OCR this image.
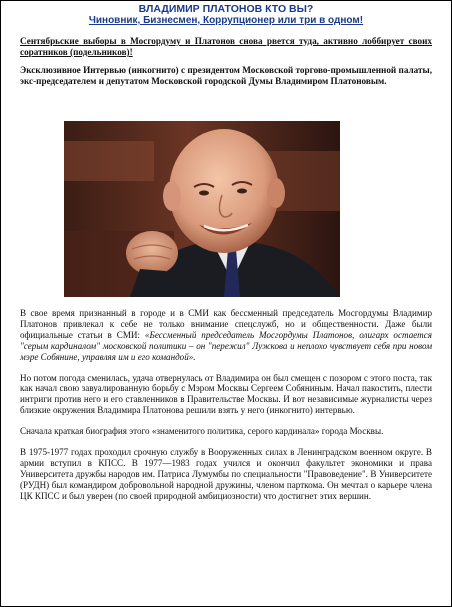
ВЛАДИМИР ПЛАТОНОВ КТО ВЫ?
Чиновник, Бизнесмен, Коррупционер или три в одном!
Сентябрьские выборы в Мосгордуму и Платонов снова рвется туда, активно лоббирует своих соратников (подельников)!
Эксклюзивное Интервью (инкогнито) с президентом Московской торгово-промышленной палаты, экс-председателем и депутатом Московской городской Думы Владимиром Платоновым.

В свое время признанный в городе и в СМИ как бессменный председатель Мосгордумы Владимир Платонов привлекал к себе не только внимание спецслужб, но и общественности. Даже были официальные статьи в СМИ: «Бессменный председатель Мосгордумы Платонов, олигарх остается "серым кардиналом" московской политики – он "пережил" Лужкова и неплохо чувствует себя при новом мэре Собянине, управляя им и его командой».

Но потом погода сменилась, удача отвернулась от Владимира он был смещен с позором с этого поста, так как начал свою завуалированную борьбу с Мэром Москвы Сергеем Собяниным. Начал пакостить, плести интриги против него и его ставленников в Правительстве Москвы. И вот независимые журналисты через близкие окружения Владимира Платонова решили взять у него (инкогнито) интервью.

Сначала краткая биография этого «знаменитого политика, серого кардинала» города Москвы.

В 1975-1977 годах проходил срочную службу в Вооруженных силах в Ленинградском военном округе. В армии вступил в КПСС. В 1977—1983 годах учился и окончил факультет экономики и права Университета дружбы народов им. Патриса Лумумбы по специальности "Правоведение". В Университете (РУДН) был командиром добровольной народной дружины, членом парткома. Он мечтал о карьере члена ЦК КПСС и был уверен (по своей природной амбициозности) что достигнет этих вершин.
